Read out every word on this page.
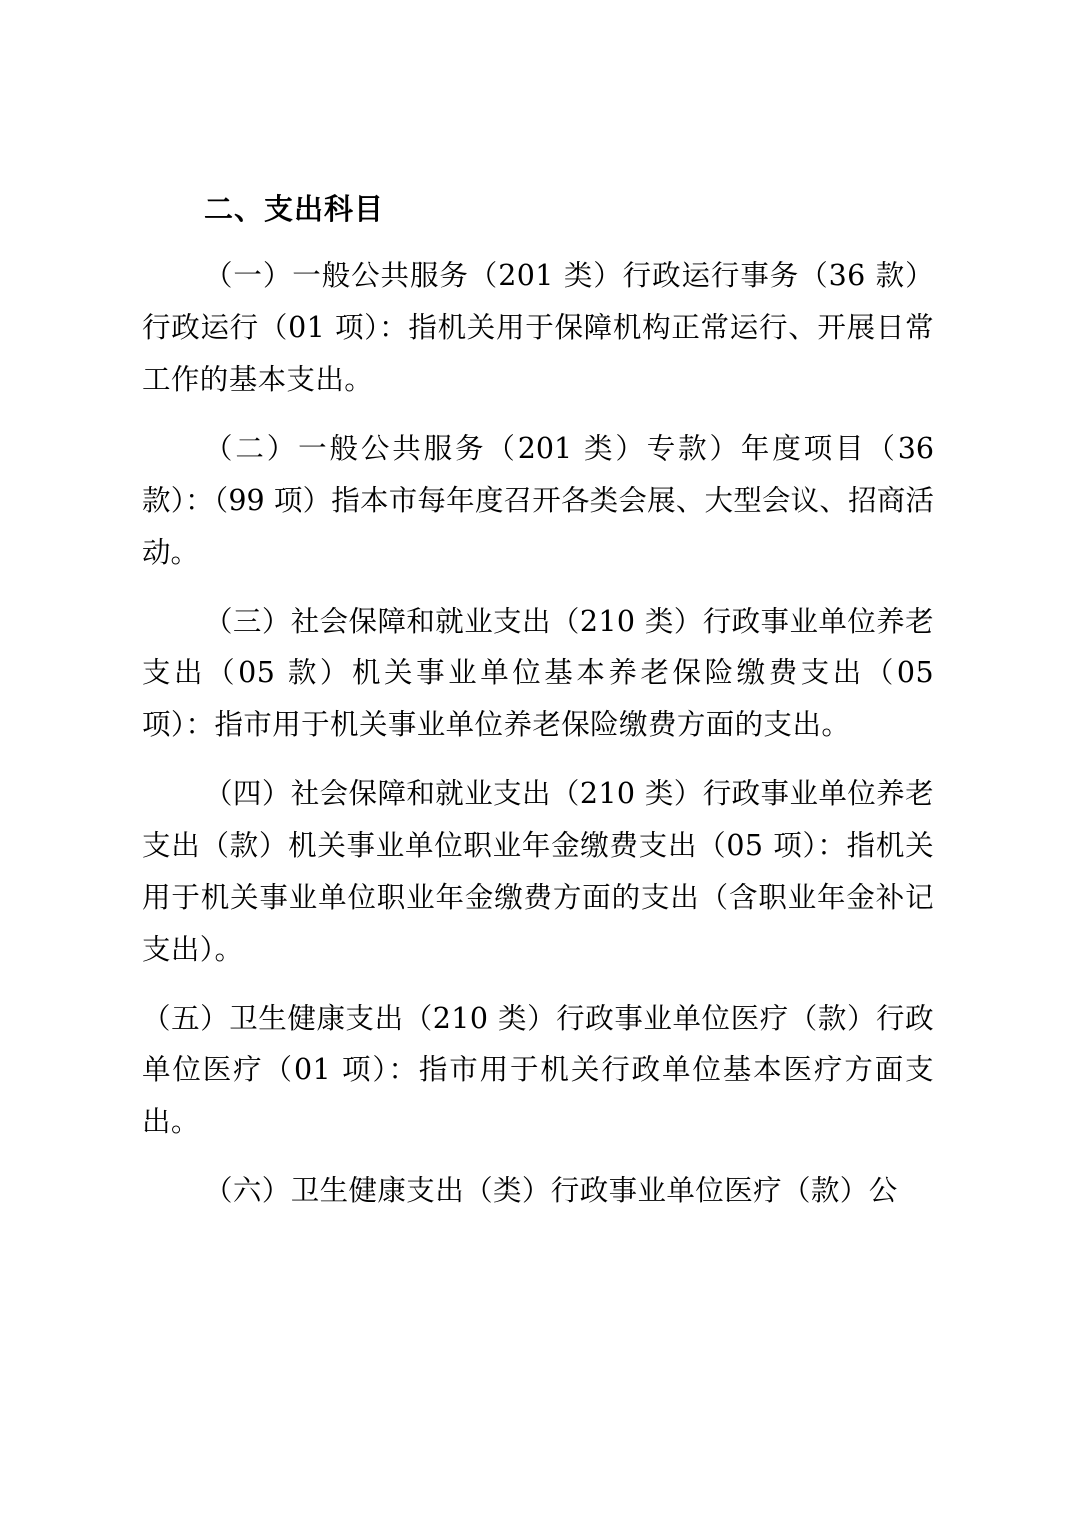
二、支出科目

（一）一般公共服务（201 类）行政运行事务（36 款）行政运行（01 项）：指机关用于保障机构正常运行、开展日常工作的基本支出。

（二）一般公共服务（201 类）专款）年度项目（36 款）：（99 项）指本市每年度召开各类会展、大型会议、招商活动。

（三）社会保障和就业支出（210 类）行政事业单位养老支出（05 款）机关事业单位基本养老保险缴费支出（05 项）：指市用于机关事业单位养老保险缴费方面的支出。

（四）社会保障和就业支出（210 类）行政事业单位养老支出（款）机关事业单位职业年金缴费支出（05 项）：指机关用于机关事业单位职业年金缴费方面的支出（含职业年金补记支出）。

（五）卫生健康支出（210 类）行政事业单位医疗（款）行政单位医疗（01 项）：指市用于机关行政单位基本医疗方面支出。

（六）卫生健康支出（类）行政事业单位医疗（款）公
